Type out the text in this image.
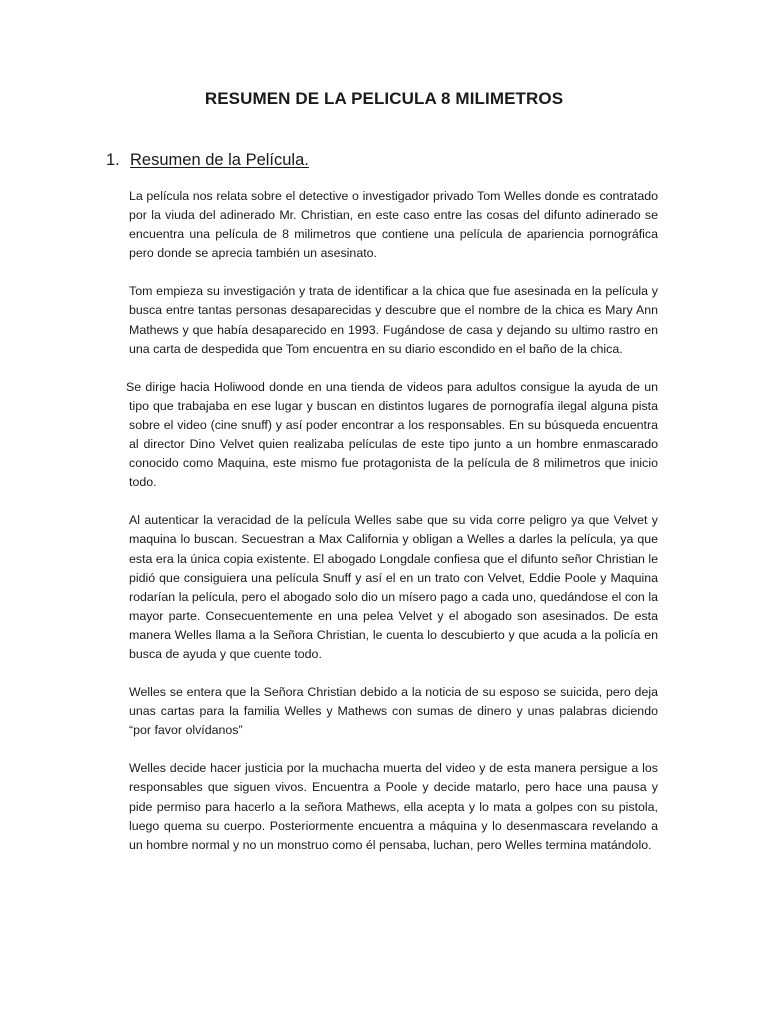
RESUMEN DE LA PELICULA 8 MILIMETROS
1. Resumen de la Película.

La película nos relata sobre el detective o investigador privado Tom Welles donde es contratado por la viuda del adinerado Mr. Christian, en este caso entre las cosas del difunto adinerado se encuentra una película de 8 milimetros que contiene una película de apariencia pornográfica pero donde se aprecia también un asesinato.

Tom empieza su investigación y trata de identificar a la chica que fue asesinada en la película y busca entre tantas personas desaparecidas y descubre que el nombre de la chica es Mary Ann Mathews y que había desaparecido en 1993. Fugándose de casa y dejando su ultimo rastro en una carta de despedida que Tom encuentra en su diario escondido en el baño de la chica.

Se dirige hacia Holiwood donde en una tienda de videos para adultos consigue la ayuda de un tipo que trabajaba en ese lugar y buscan en distintos lugares de pornografía ilegal alguna pista sobre el video (cine snuff) y así poder encontrar a los responsables. En su búsqueda encuentra al director Dino Velvet quien realizaba películas de este tipo junto a un hombre enmascarado conocido como Maquina, este mismo fue protagonista de la película de 8 milimetros que inicio todo.

Al autenticar la veracidad de la película Welles sabe que su vida corre peligro ya que Velvet y maquina lo buscan. Secuestran a Max California y obligan a Welles a darles la película, ya que esta era la única copia existente. El abogado Longdale confiesa que el difunto señor Christian le pidió que consiguiera una película Snuff y así el en un trato con Velvet, Eddie Poole y Maquina rodarían la película, pero el abogado solo dio un mísero pago a cada uno, quedándose el con la mayor parte. Consecuentemente en una pelea Velvet y el abogado son asesinados. De esta manera Welles llama a la Señora Christian, le cuenta lo descubierto y que acuda a la policía en busca de ayuda y que cuente todo.

Welles se entera que la Señora Christian debido a la noticia de su esposo se suicida, pero deja unas cartas para la familia Welles y Mathews con sumas de dinero y unas palabras diciendo “por favor olvídanos”

Welles decide hacer justicia por la muchacha muerta del video y de esta manera persigue a los responsables que siguen vivos. Encuentra a Poole y decide matarlo, pero hace una pausa y pide permiso para hacerlo a la señora Mathews, ella acepta y lo mata a golpes con su pistola, luego quema su cuerpo. Posteriormente encuentra a máquina y lo desenmascara revelando a un hombre normal y no un monstruo como él pensaba, luchan, pero Welles termina matándolo.
